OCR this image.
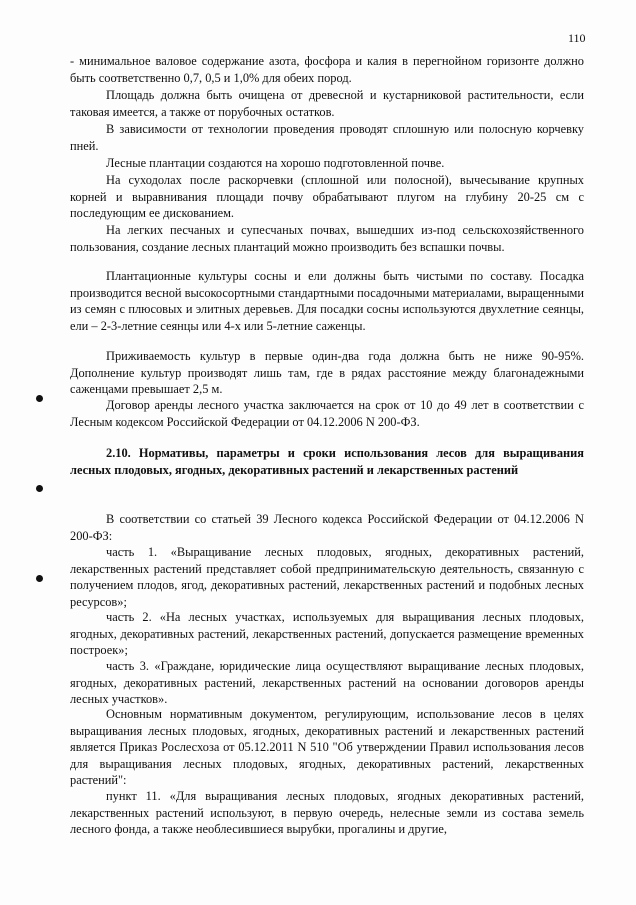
110

- минимальное валовое содержание азота, фосфора и калия в перегнойном горизонте должно быть соответственно 0,7, 0,5 и 1,0% для обеих пород.

Площадь должна быть очищена от древесной и кустарниковой растительности, если таковая имеется, а также от порубочных остатков.

В зависимости от технологии проведения проводят сплошную или полосную корчевку пней.

Лесные плантации создаются на хорошо подготовленной почве.

На суходолах после раскорчевки (сплошной или полосной), вычесывание крупных корней и выравнивания площади почву обрабатывают плугом на глубину 20-25 см с последующим ее дискованием.

На легких песчаных и супесчаных почвах, вышедших из-под сельскохозяйственного пользования, создание лесных плантаций можно производить без вспашки почвы.

Плантационные культуры сосны и ели должны быть чистыми по составу. Посадка производится весной высокосортными стандартными посадочными материалами, выращенными из семян с плюсовых и элитных деревьев. Для посадки сосны используются двухлетние сеянцы, ели – 2-3-летние сеянцы или 4-х или 5-летние саженцы.

Приживаемость культур в первые один-два года должна быть не ниже 90-95%. Дополнение культур производят лишь там, где в рядах расстояние между благонадежными саженцами превышает 2,5 м.

Договор аренды лесного участка заключается на срок от 10 до 49 лет в соответствии с Лесным кодексом Российской Федерации от 04.12.2006 N 200-ФЗ.

2.10. Нормативы, параметры и сроки использования лесов для выращивания лесных плодовых, ягодных, декоративных растений и лекарственных растений

В соответствии со статьей 39 Лесного кодекса Российской Федерации от 04.12.2006 N 200-ФЗ:

часть 1. «Выращивание лесных плодовых, ягодных, декоративных растений, лекарственных растений представляет собой предпринимательскую деятельность, связанную с получением плодов, ягод, декоративных растений, лекарственных растений и подобных лесных ресурсов»;

часть 2. «На лесных участках, используемых для выращивания лесных плодовых, ягодных, декоративных растений, лекарственных растений, допускается размещение временных построек»;

часть 3. «Граждане, юридические лица осуществляют выращивание лесных плодовых, ягодных, декоративных растений, лекарственных растений на основании договоров аренды лесных участков».

Основным нормативным документом, регулирующим, использование лесов в целях выращивания лесных плодовых, ягодных, декоративных растений и лекарственных растений является Приказ Рослесхоза от 05.12.2011 N 510 "Об утверждении Правил использования лесов для выращивания лесных плодовых, ягодных, декоративных растений, лекарственных растений":

пункт 11. «Для выращивания лесных плодовых, ягодных декоративных растений, лекарственных растений используют, в первую очередь, нелесные земли из состава земель лесного фонда, а также необлесившиеся вырубки, прогалины и другие,
